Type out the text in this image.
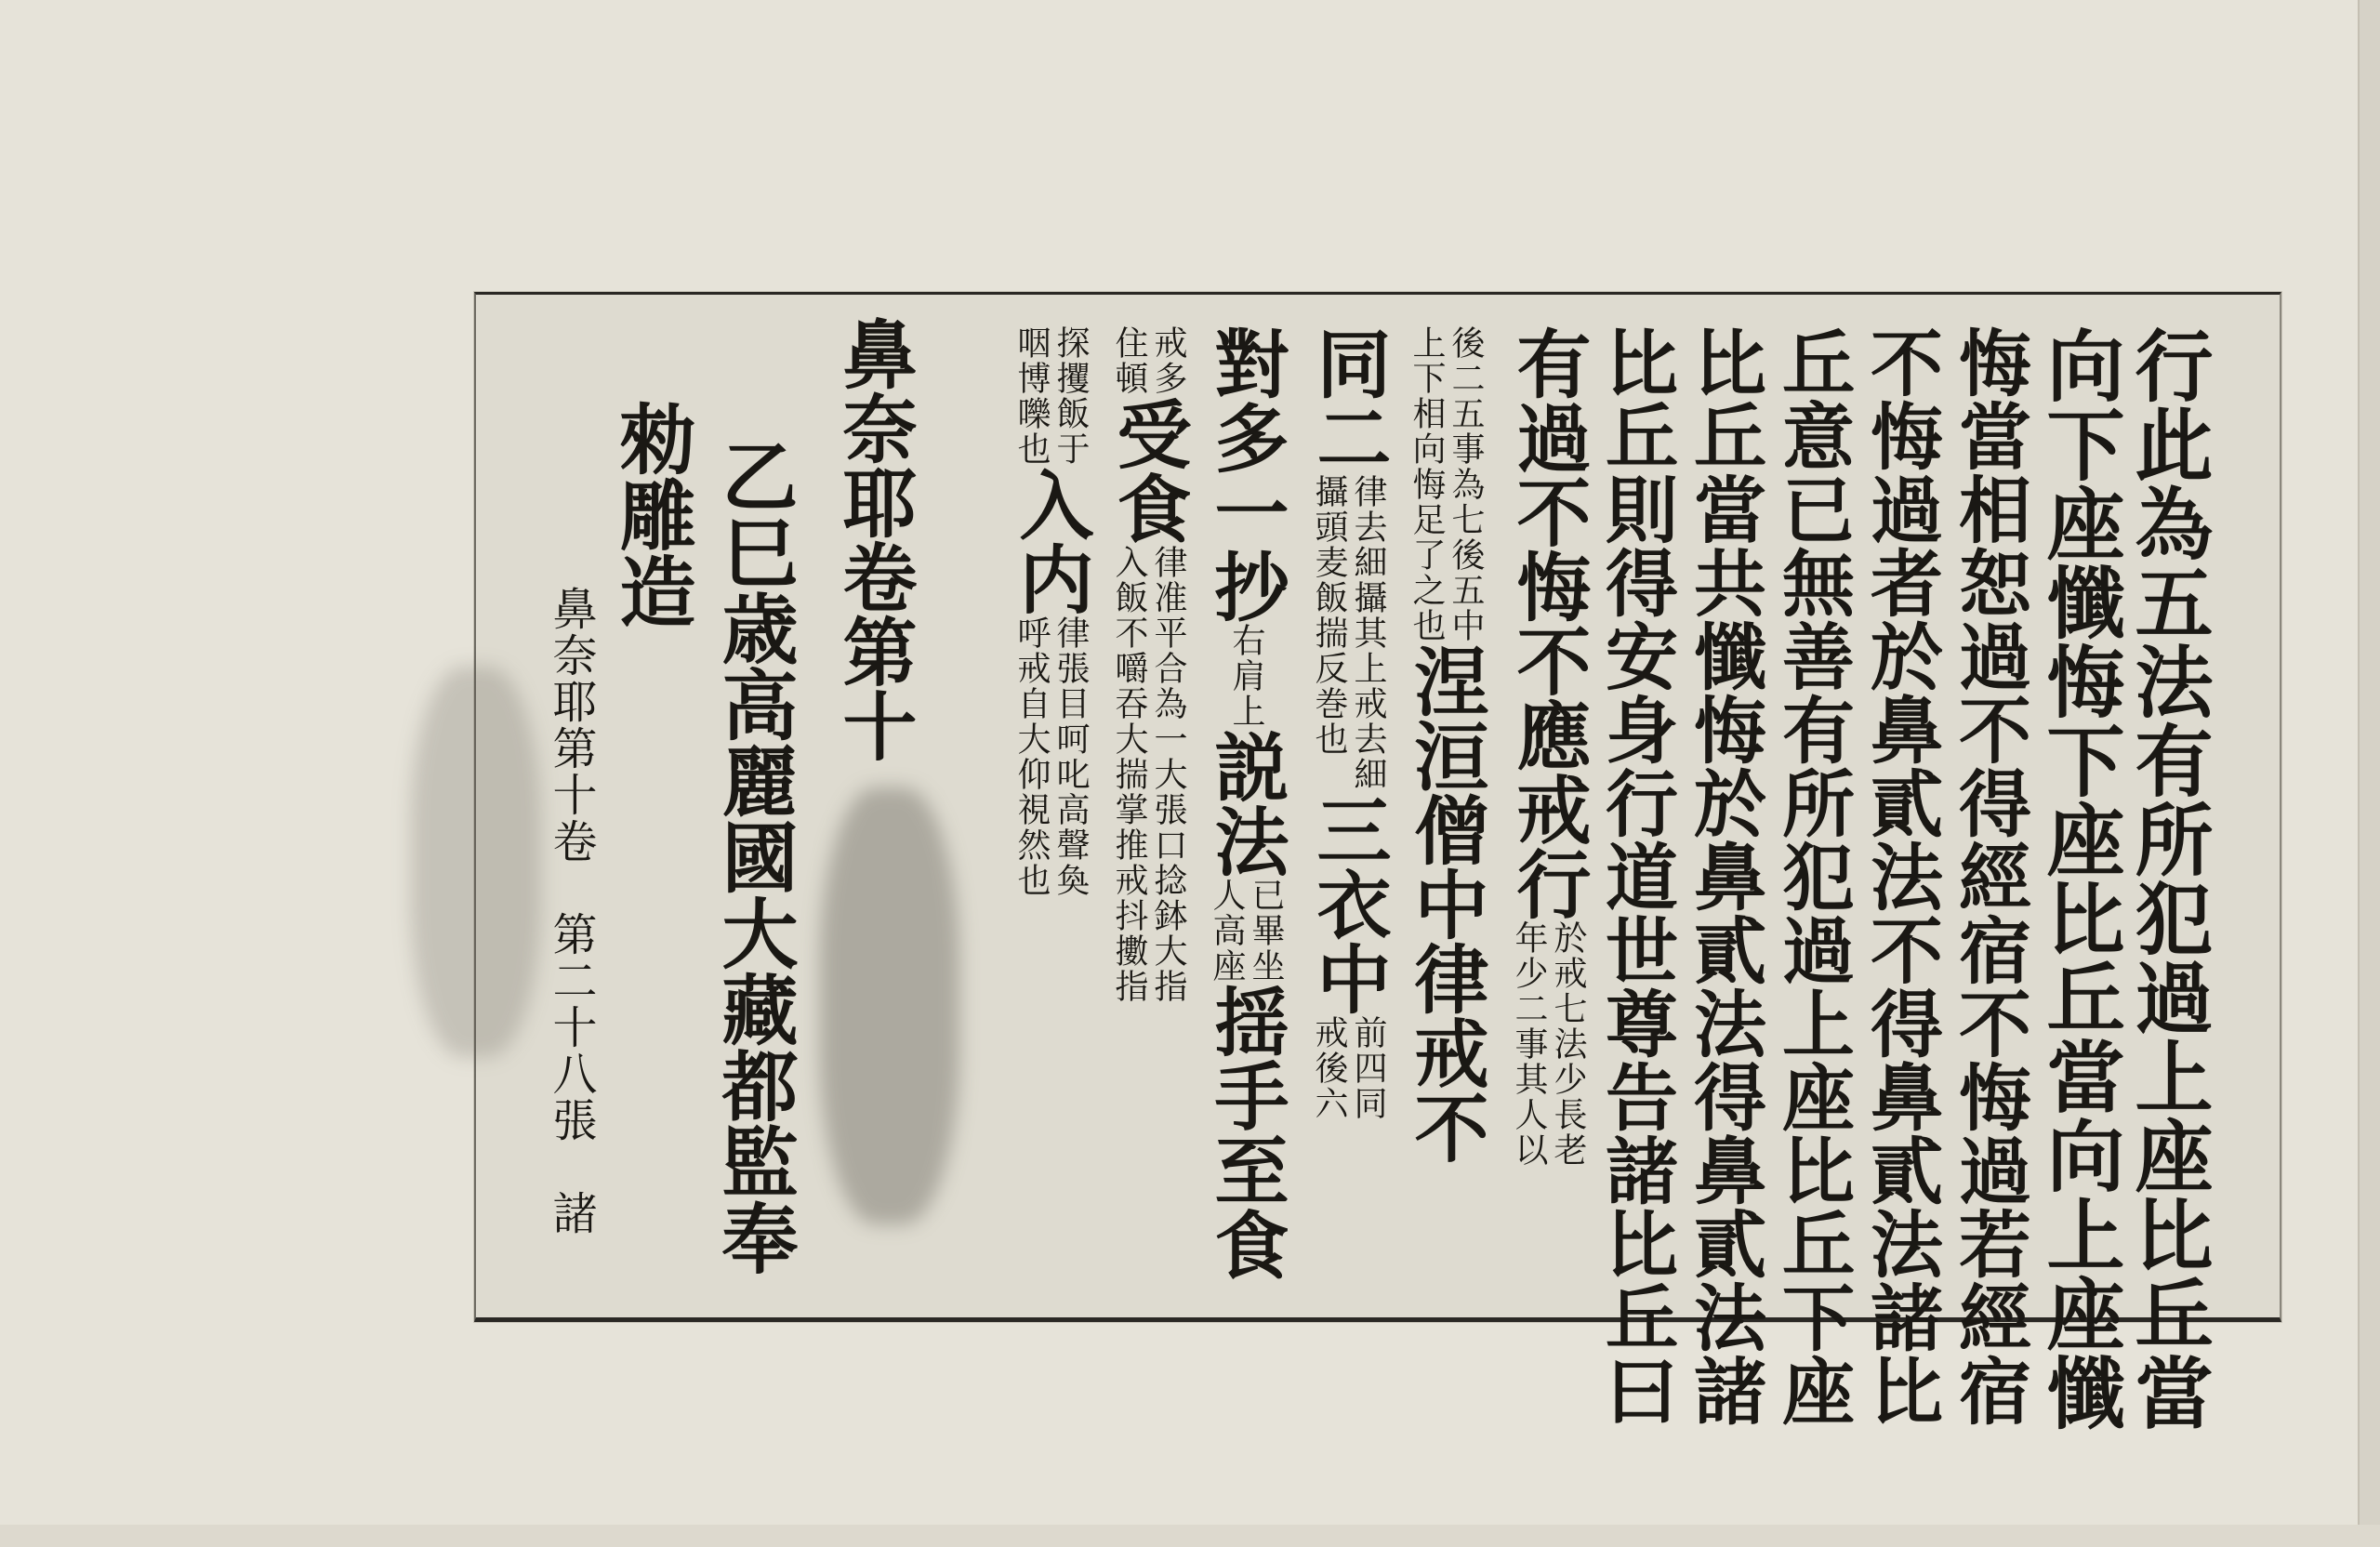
行此為五法有所犯過上座比丘當
向下座懺悔下座比丘當向上座懺
悔當相恕過不得經宿不悔過若經宿
不悔過者於鼻貳法不得鼻貳法諸比
丘意已無善有所犯過上座比丘下座
比丘當共懺悔於鼻貳法得鼻貳法諸
比丘則得安身行道世尊告諸比丘曰
有過不悔不應戒行
於戒七法少長老
年少二事其人以
後二五事為七後五中
上下相向悔足了之也
涅洹僧中律戒不
同二
律去細攝其上戒去細
攝頭麦飯揣反巻也
三衣中
前四同
戒後六
對多一抄
右肩上
説法
已畢坐
人高座
揺手至食
戒多
住頓
受食
律准平合為一大張口捻鉢大指
入飯不嚼吞大揣掌推戒抖擻指
探攫飯于
咽博嚛也
入内
律張目呵叱高聲奐
呼戒自大仰視然也
鼻奈耶卷第十
乙巳歳高麗國大藏都監奉
勑雕造
鼻奈耶第十卷　第二十八張　諸
